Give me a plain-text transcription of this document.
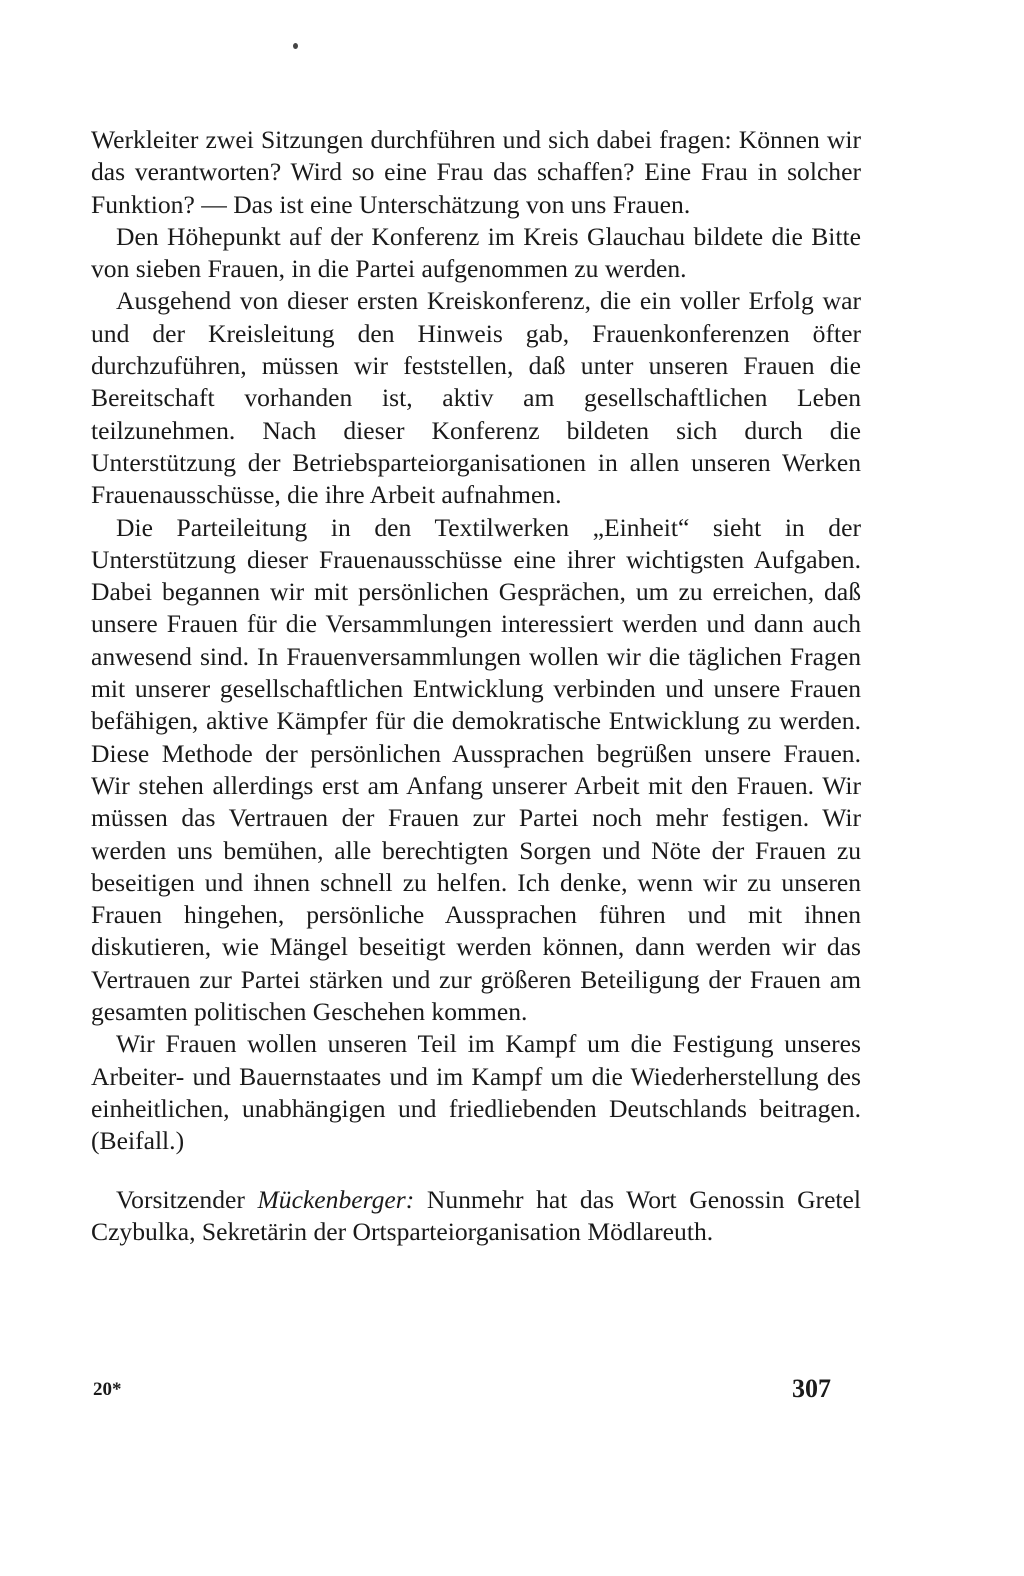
Werkleiter zwei Sitzungen durchführen und sich dabei fragen: Können wir das verantworten? Wird so eine Frau das schaffen? Eine Frau in solcher Funktion? — Das ist eine Unterschätzung von uns Frauen.

Den Höhepunkt auf der Konferenz im Kreis Glauchau bildete die Bitte von sieben Frauen, in die Partei aufgenommen zu werden.

Ausgehend von dieser ersten Kreiskonferenz, die ein voller Erfolg war und der Kreisleitung den Hinweis gab, Frauenkonferenzen öfter durchzuführen, müssen wir feststellen, daß unter unseren Frauen die Bereitschaft vorhanden ist, aktiv am gesellschaftlichen Leben teilzunehmen. Nach dieser Konferenz bildeten sich durch die Unterstützung der Betriebsparteiorganisationen in allen unseren Werken Frauenausschüsse, die ihre Arbeit aufnahmen.

Die Parteileitung in den Textilwerken „Einheit“ sieht in der Unterstützung dieser Frauenausschüsse eine ihrer wichtigsten Aufgaben. Dabei begannen wir mit persönlichen Gesprächen, um zu erreichen, daß unsere Frauen für die Versammlungen interessiert werden und dann auch anwesend sind. In Frauenversammlungen wollen wir die täglichen Fragen mit unserer gesellschaftlichen Entwicklung verbinden und unsere Frauen befähigen, aktive Kämpfer für die demokratische Entwicklung zu werden. Diese Methode der persönlichen Aussprachen begrüßen unsere Frauen. Wir stehen allerdings erst am Anfang unserer Arbeit mit den Frauen. Wir müssen das Vertrauen der Frauen zur Partei noch mehr festigen. Wir werden uns bemühen, alle berechtigten Sorgen und Nöte der Frauen zu beseitigen und ihnen schnell zu helfen. Ich denke, wenn wir zu unseren Frauen hingehen, persönliche Aussprachen führen und mit ihnen diskutieren, wie Mängel beseitigt werden können, dann werden wir das Vertrauen zur Partei stärken und zur größeren Beteiligung der Frauen am gesamten politischen Geschehen kommen.

Wir Frauen wollen unseren Teil im Kampf um die Festigung unseres Arbeiter- und Bauernstaates und im Kampf um die Wiederherstellung des einheitlichen, unabhängigen und friedliebenden Deutschlands beitragen. (Beifall.)

Vorsitzender Mückenberger: Nunmehr hat das Wort Genossin Gretel Czybulka, Sekretärin der Ortsparteiorganisation Mödlareuth.

20*	307
